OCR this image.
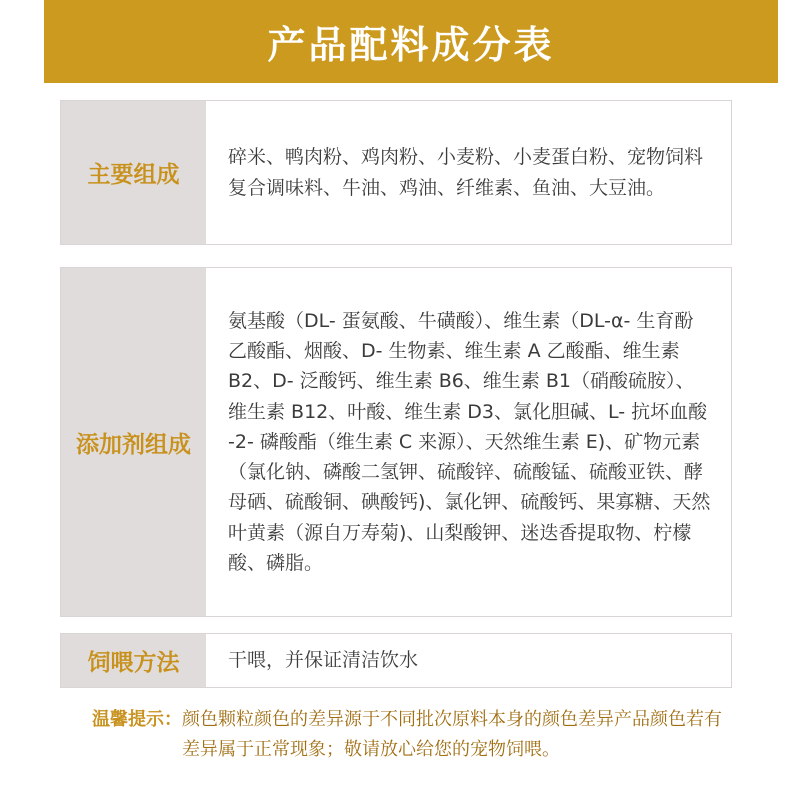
产品配料成分表
主要组成
碎米、鸭肉粉、鸡肉粉、小麦粉、小麦蛋白粉、宠物饲料复合调味料、牛油、鸡油、纤维素、鱼油、大豆油。
添加剂组成
氨基酸（DL- 蛋氨酸、牛磺酸）、维生素（DL-α- 生育酚乙酸酯、烟酸、D- 生物素、维生素 A 乙酸酯、维生素 B2、D- 泛酸钙、维生素 B6、维生素 B1（硝酸硫胺）、维生素 B12、叶酸、维生素 D3、氯化胆碱、L- 抗坏血酸 -2- 磷酸酯（维生素 C 来源）、天然维生素 E)、矿物元素（氯化钠、磷酸二氢钾、硫酸锌、硫酸锰、硫酸亚铁、酵母硒、硫酸铜、碘酸钙)、氯化钾、硫酸钙、果寡糖、天然叶黄素（源自万寿菊)、山梨酸钾、迷迭香提取物、柠檬酸、磷脂。
饲喂方法	干喂，并保证清洁饮水
温馨提示： 颜色颗粒颜色的差异源于不同批次原料本身的颜色差异产品颜色若有差异属于正常现象；敬请放心给您的宠物饲喂。
